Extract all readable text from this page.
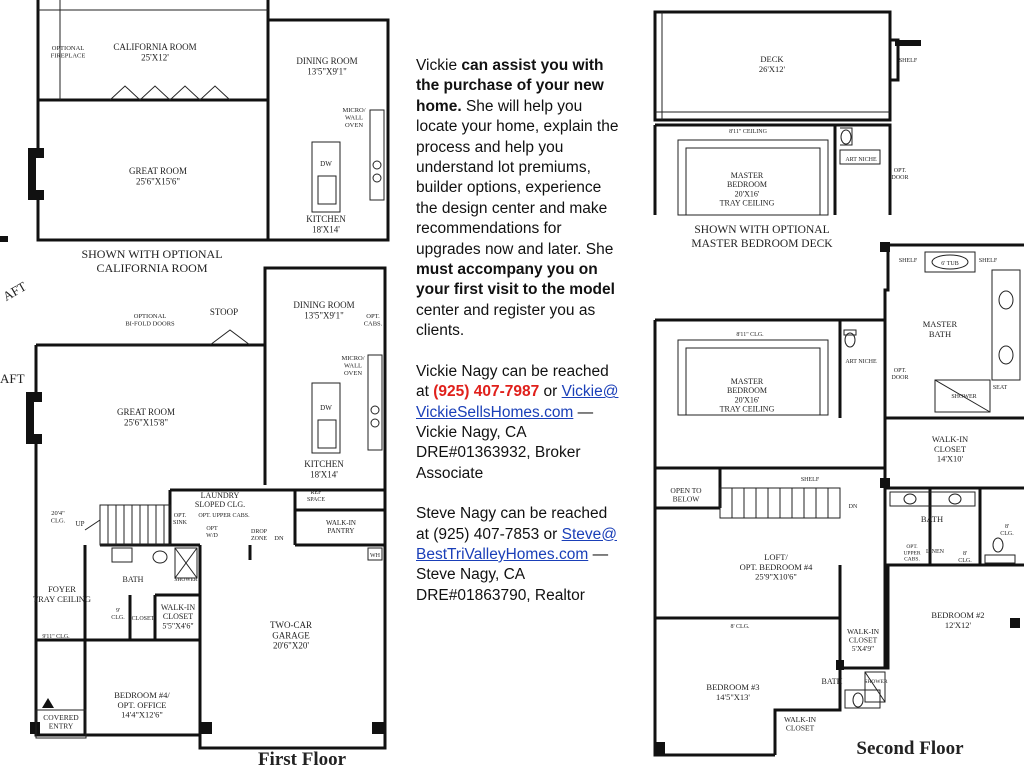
AFT
AFT
OPTIONAL FIREPLACE
CALIFORNIA ROOM 25'X12'	DINING ROOM 13'5"X9'1"
MICRO/ WALL OVEN
DW
GREAT ROOM 25'6"X15'6"
KITCHEN 18'X14'
SHOWN WITH OPTIONAL
CALIFORNIA ROOM
OPTIONAL BI-FOLD DOORS
STOOP
DINING ROOM 13'5"X9'1"	OPT. CABS.
MICRO/ WALL OVEN
GREAT ROOM 25'6"X15'8"
DW
KITCHEN 18'X14'
20'4" CLG. UP
LAUNDRY SLOPED CLG.
OPT. UPPER CABS.
OPT. SINK
OPT W/D
REF SPACE
DROP ZONE DN
WALK-IN PANTRY
WH
BATH	SHOWER
FOYER TRAY CEILING
9' CLG. CLOSET
WALK-IN CLOSET 5'5"X4'6"
9'11" CLG.
TWO-CAR GARAGE 20'6"X20'
BEDROOM #4/ OPT. OFFICE 14'4"X12'6"
COVERED ENTRY
First Floor

Vickie can assist you with the purchase of your new home. She will help you locate your home, explain the process and help you understand lot premiums, builder options, experience the design center and make recommendations for upgrades now and later. She must accompany you on your first visit to the model center and register you as clients.

Vickie Nagy can be reached at (925) 407-7987 or Vickie@VickieSellsHomes.com — Vickie Nagy, CA DRE#01363932, Broker Associate

Steve Nagy can be reached at (925) 407-7853 or Steve@BestTriValleyHomes.com — Steve Nagy, CA DRE#01863790, Realtor

DECK 26'X12'
SHELF
8'11" CEILING
ART NICHE
OPT. DOOR
MASTER BEDROOM 20'X16' TRAY CEILING
SHOWN WITH OPTIONAL
MASTER BEDROOM DECK
SHELF	6' TUB	SHELF
MASTER BATH
8'11" CLG.
ART NICHE
MASTER BEDROOM 20'X16' TRAY CEILING
OPT. DOOR
SHOWER
SEAT
WALK-IN CLOSET 14'X10'
OPEN TO BELOW
SHELF
DN
BATH
8' CLG.
OPT. UPPER CABS.
LINEN	8' CLG.
LOFT/ OPT. BEDROOM #4 25'9"X10'6"
8' CLG.
BEDROOM #2 12'X12'
WALK-IN CLOSET 5'X4'9"
BATH	SHOWER
BEDROOM #3 14'5"X13'
WALK-IN CLOSET
Second Floor
